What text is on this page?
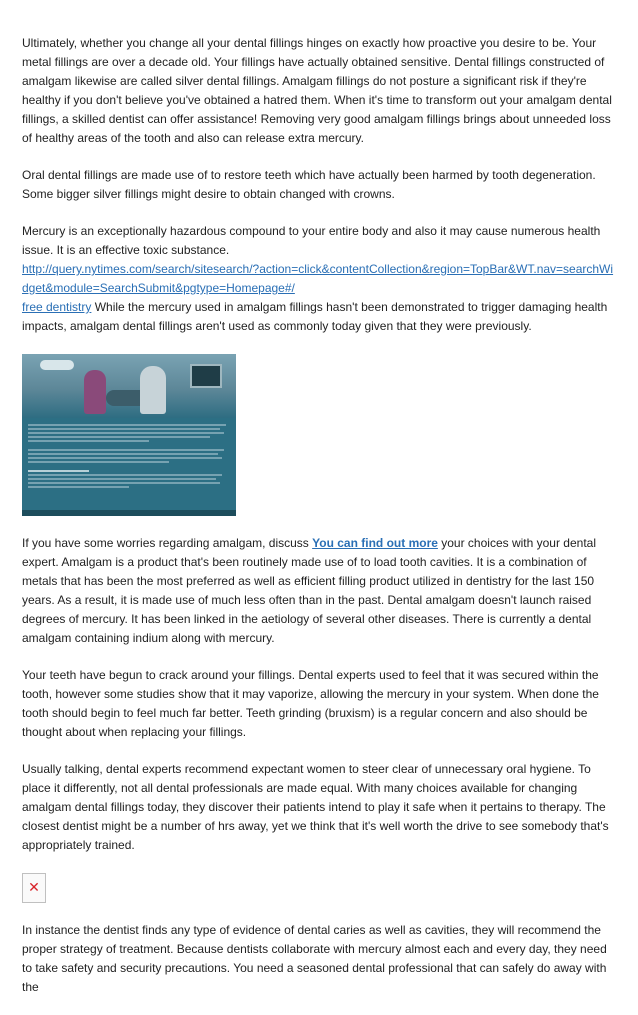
Ultimately, whether you change all your dental fillings hinges on exactly how proactive you desire to be. Your metal fillings are over a decade old. Your fillings have actually obtained sensitive. Dental fillings constructed of amalgam likewise are called silver dental fillings. Amalgam fillings do not posture a significant risk if they're healthy if you don't believe you've obtained a hatred them. When it's time to transform out your amalgam dental fillings, a skilled dentist can offer assistance! Removing very good amalgam fillings brings about unneeded loss of healthy areas of the tooth and also can release extra mercury.

Oral dental fillings are made use of to restore teeth which have actually been harmed by tooth degeneration. Some bigger silver fillings might desire to obtain changed with crowns.

Mercury is an exceptionally hazardous compound to your entire body and also it may cause numerous health issue. It is an effective toxic substance.
http://query.nytimes.com/search/sitesearch/?action=click&contentCollection&region=TopBar&WT.nav=searchWidget&module=SearchSubmit&pgtype=Homepage#/
free dentistry While the mercury used in amalgam fillings hasn't been demonstrated to trigger damaging health impacts, amalgam dental fillings aren't used as commonly today given that they were previously.

If you have some worries regarding amalgam, discuss You can find out more your choices with your dental expert. Amalgam is a product that's been routinely made use of to load tooth cavities. It is a combination of metals that has been the most preferred as well as efficient filling product utilized in dentistry for the last 150 years. As a result, it is made use of much less often than in the past. Dental amalgam doesn't launch raised degrees of mercury. It has been linked in the aetiology of several other diseases. There is currently a dental amalgam containing indium along with mercury.

Your teeth have begun to crack around your fillings. Dental experts used to feel that it was secured within the tooth, however some studies show that it may vaporize, allowing the mercury in your system. When done the tooth should begin to feel much far better. Teeth grinding (bruxism) is a regular concern and also should be thought about when replacing your fillings.

Usually talking, dental experts recommend expectant women to steer clear of unnecessary oral hygiene. To place it differently, not all dental professionals are made equal. With many choices available for changing amalgam dental fillings today, they discover their patients intend to play it safe when it pertains to therapy. The closest dentist might be a number of hrs away, yet we think that it's well worth the drive to see somebody that's appropriately trained.

✕

In instance the dentist finds any type of evidence of dental caries as well as cavities, they will recommend the proper strategy of treatment. Because dentists collaborate with mercury almost each and every day, they need to take safety and security precautions. You need a seasoned dental professional that can safely do away with the
